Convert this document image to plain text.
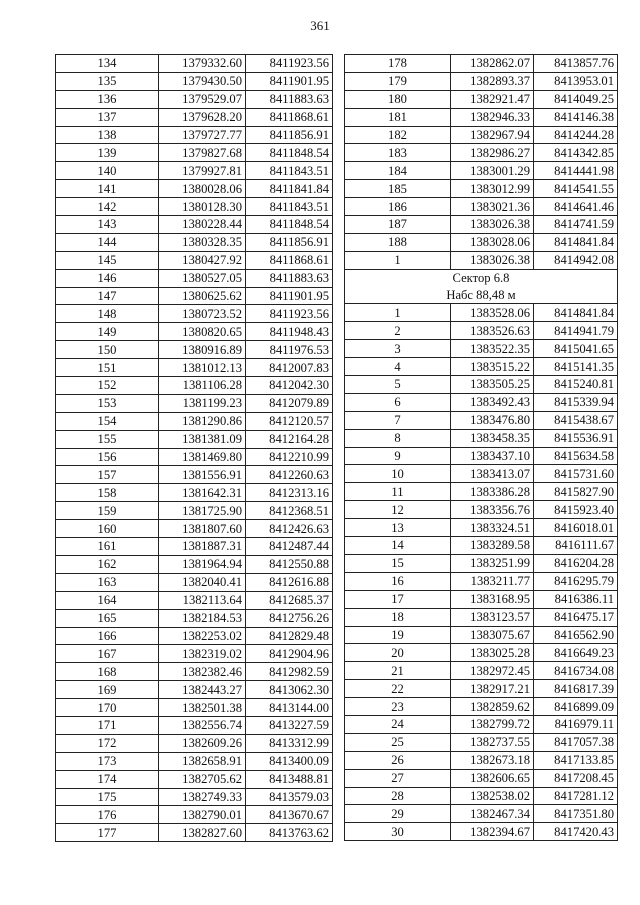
361
134	1379332.60	8411923.56
135	1379430.50	8411901.95
136	1379529.07	8411883.63
137	1379628.20	8411868.61
138	1379727.77	8411856.91
139	1379827.68	8411848.54
140	1379927.81	8411843.51
141	1380028.06	8411841.84
142	1380128.30	8411843.51
143	1380228.44	8411848.54
144	1380328.35	8411856.91
145	1380427.92	8411868.61
146	1380527.05	8411883.63
147	1380625.62	8411901.95
148	1380723.52	8411923.56
149	1380820.65	8411948.43
150	1380916.89	8411976.53
151	1381012.13	8412007.83
152	1381106.28	8412042.30
153	1381199.23	8412079.89
154	1381290.86	8412120.57
155	1381381.09	8412164.28
156	1381469.80	8412210.99
157	1381556.91	8412260.63
158	1381642.31	8412313.16
159	1381725.90	8412368.51
160	1381807.60	8412426.63
161	1381887.31	8412487.44
162	1381964.94	8412550.88
163	1382040.41	8412616.88
164	1382113.64	8412685.37
165	1382184.53	8412756.26
166	1382253.02	8412829.48
167	1382319.02	8412904.96
168	1382382.46	8412982.59
169	1382443.27	8413062.30
170	1382501.38	8413144.00
171	1382556.74	8413227.59
172	1382609.26	8413312.99
173	1382658.91	8413400.09
174	1382705.62	8413488.81
175	1382749.33	8413579.03
176	1382790.01	8413670.67
177	1382827.60	8413763.62
178	1382862.07	8413857.76
179	1382893.37	8413953.01
180	1382921.47	8414049.25
181	1382946.33	8414146.38
182	1382967.94	8414244.28
183	1382986.27	8414342.85
184	1383001.29	8414441.98
185	1383012.99	8414541.55
186	1383021.36	8414641.46
187	1383026.38	8414741.59
188	1383028.06	8414841.84
1	1383026.38	8414942.08
Сектор 6.8		
Набс 88,48 м		
1	1383528.06	8414841.84
2	1383526.63	8414941.79
3	1383522.35	8415041.65
4	1383515.22	8415141.35
5	1383505.25	8415240.81
6	1383492.43	8415339.94
7	1383476.80	8415438.67
8	1383458.35	8415536.91
9	1383437.10	8415634.58
10	1383413.07	8415731.60
11	1383386.28	8415827.90
12	1383356.76	8415923.40
13	1383324.51	8416018.01
14	1383289.58	8416111.67
15	1383251.99	8416204.28
16	1383211.77	8416295.79
17	1383168.95	8416386.11
18	1383123.57	8416475.17
19	1383075.67	8416562.90
20	1383025.28	8416649.23
21	1382972.45	8416734.08
22	1382917.21	8416817.39
23	1382859.62	8416899.09
24	1382799.72	8416979.11
25	1382737.55	8417057.38
26	1382673.18	8417133.85
27	1382606.65	8417208.45
28	1382538.02	8417281.12
29	1382467.34	8417351.80
30	1382394.67	8417420.43
